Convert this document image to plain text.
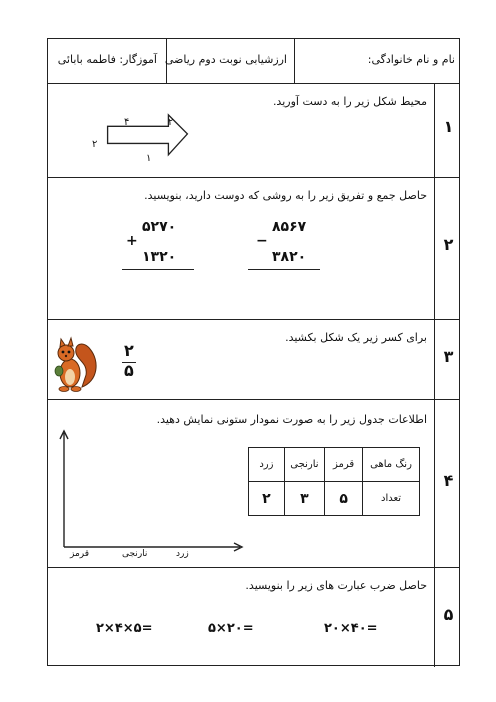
نام و نام خانوادگی:
ارزشیابی نوبت دوم ریاضی
آموزگار: فاطمه بابائی
۱
محیط شکل زیر را به دست آورید.
۴	۲
۲
۱
۲
حاصل جمع و تفریق زیر را به روشی که دوست دارید، بنویسید.
۸۵۶۷
−
۳۸۲۰
۵۲۷۰
+
۱۳۲۰
۳
برای کسر زیر یک شکل بکشید.
۲
۵
۴
اطلاعات جدول زیر را به صورت نمودار ستونی نمایش دهید.
رنگ ماهی	قرمز	نارنجی	زرد
تعداد	۵	۳	۲
زرد
نارنجی
قرمز
۵
حاصل ضرب عبارت های زیر را بنویسید.
۲۰×۴۰=
۵×۲۰=
۲×۴×۵=
